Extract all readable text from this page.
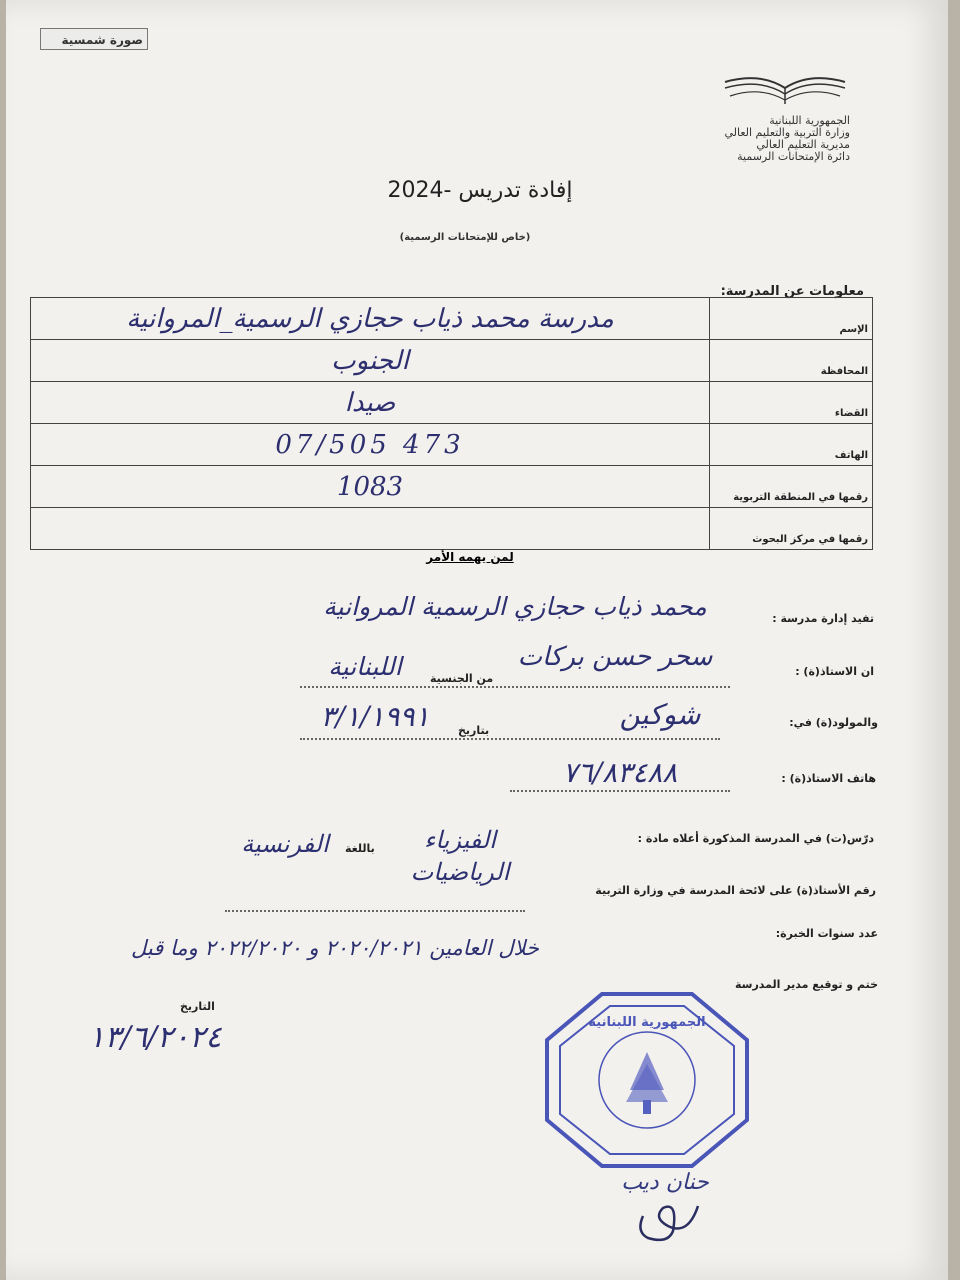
صورة شمسية
الجمهورية اللبنانية
وزارة التربية والتعليم العالي
مديرية التعليم العالي
دائرة الإمتحانات الرسمية
إفادة تدريس -2024
(خاص للإمتحانات الرسمية)
معلومات عن المدرسة:
مدرسة محمد ذياب حجازي الرسمية_المروانية	الإسم
الجنوب	المحافظة
صيدا	القضاء
07/505 473	الهاتف
1083	رقمها في المنطقة التربوية
	رقمها في مركز البحوث
لمن يهمه الأمر
تفيد إدارة مدرسة :
محمد ذياب حجازي الرسمية المروانية
ان الاستاذ(ة) :
سحر حسن بركات
من الجنسية
اللبنانية
والمولود(ة) في:
شوكين
بتاريخ
٣/١/١٩٩١
هاتف الاستاذ(ة) :
٧٦/٨٣٤٨٨
درّس(ت) في المدرسة المذكورة أعلاه مادة :
الفيزياء
باللغة
الفرنسية
الرياضيات
رقم الأستاذ(ة) على لائحة المدرسة في وزارة التربية
عدد سنوات الخبرة:
خلال العامين ٢٠٢٠/٢٠٢١ و ٢٠٢٢/٢٠٢٠ وما قبل
ختم و توقيع مدير المدرسة
التاريخ
١٣/٦/٢٠٢٤	الجمهورية اللبنانية
حنان ديب
